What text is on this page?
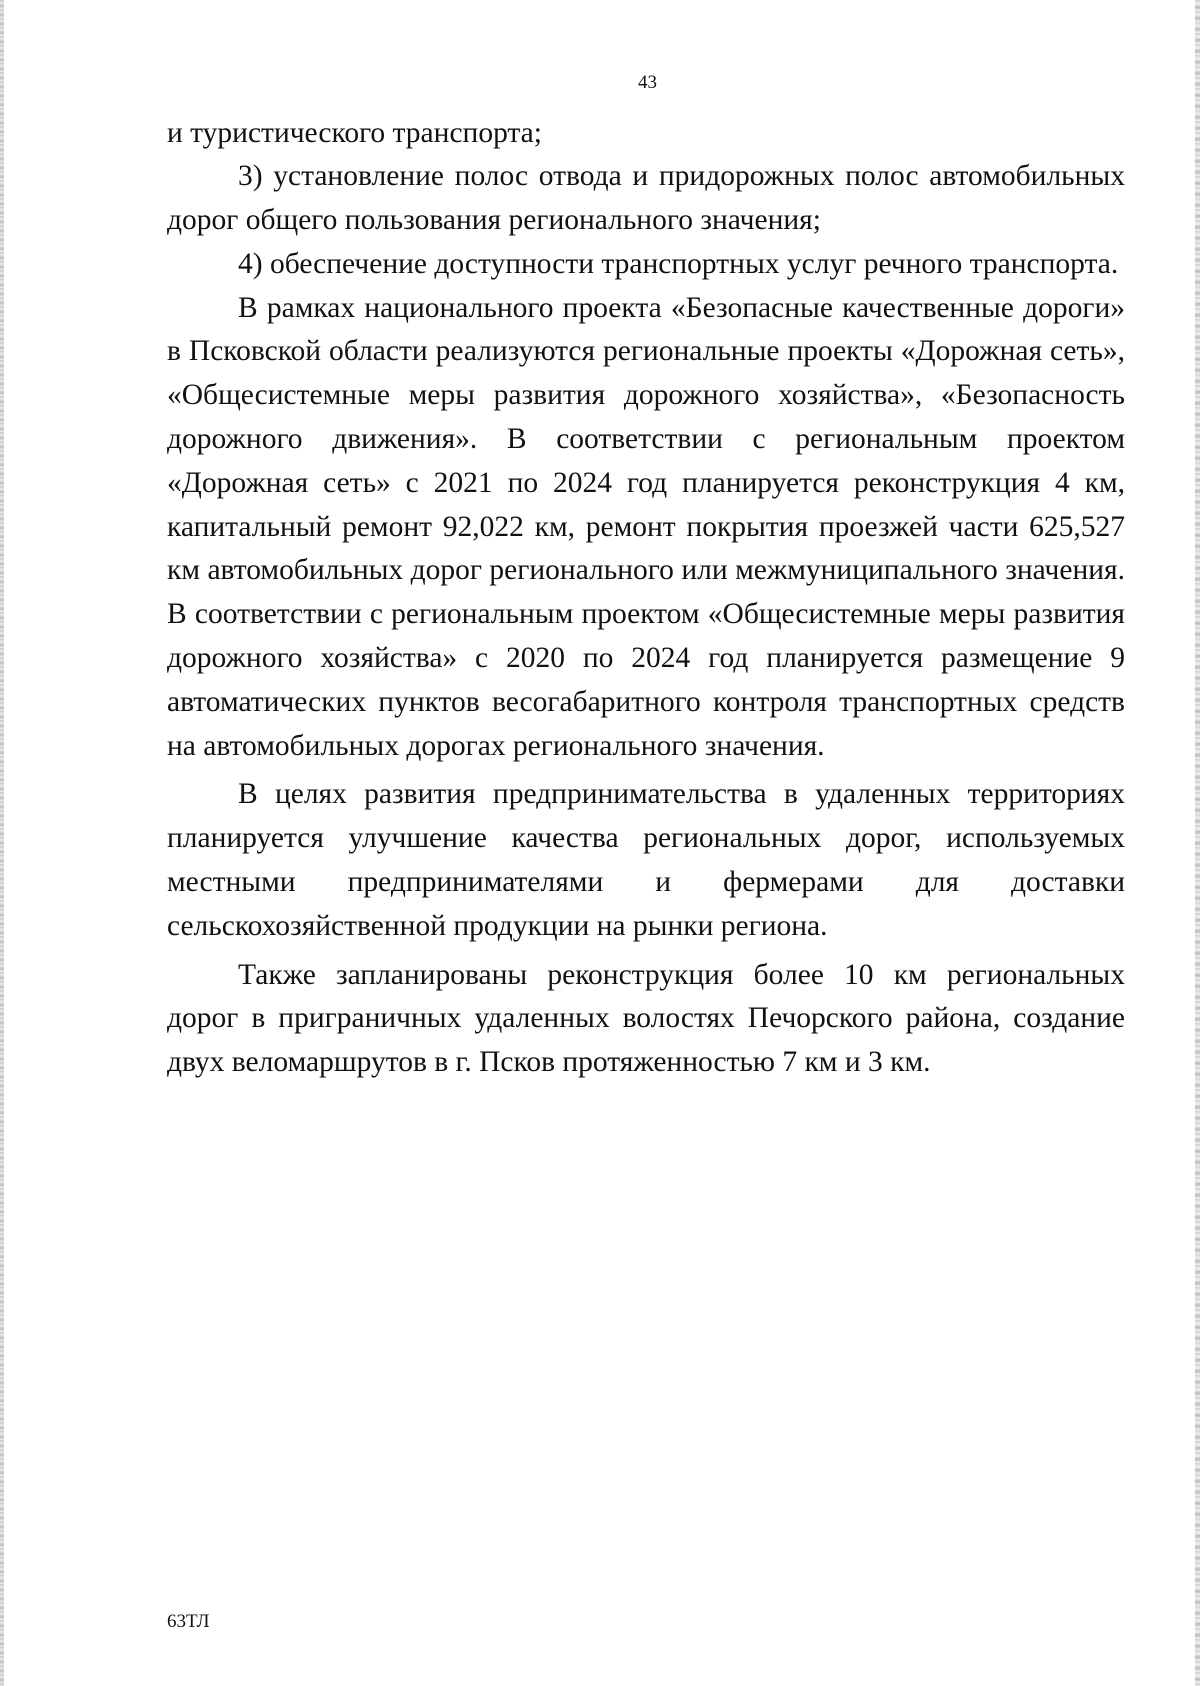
43

и туристического транспорта;

3) установление полос отвода и придорожных полос автомобильных дорог общего пользования регионального значения;

4) обеспечение доступности транспортных услуг речного транспорта.

В рамках национального проекта «Безопасные качественные дороги» в Псковской области реализуются региональные проекты «Дорожная сеть», «Общесистемные меры развития дорожного хозяйства», «Безопасность дорожного движения». В соответствии с региональным проектом «Дорожная сеть» с 2021 по 2024 год планируется реконструкция 4 км, капитальный ремонт 92,022 км, ремонт покрытия проезжей части 625,527 км автомобильных дорог регионального или межмуниципального значения. В соответствии с региональным проектом «Общесистемные меры развития дорожного хозяйства» с 2020 по 2024 год планируется размещение 9 автоматических пунктов весогабаритного контроля транспортных средств на автомобильных дорогах регионального значения.

В целях развития предпринимательства в удаленных территориях планируется улучшение качества региональных дорог, используемых местными предпринимателями и фермерами для доставки сельскохозяйственной продукции на рынки региона.

Также запланированы реконструкция более 10 км региональных дорог в приграничных удаленных волостях Печорского района, создание двух веломаршрутов в г. Псков протяженностью 7 км и 3 км.

63ТЛ
